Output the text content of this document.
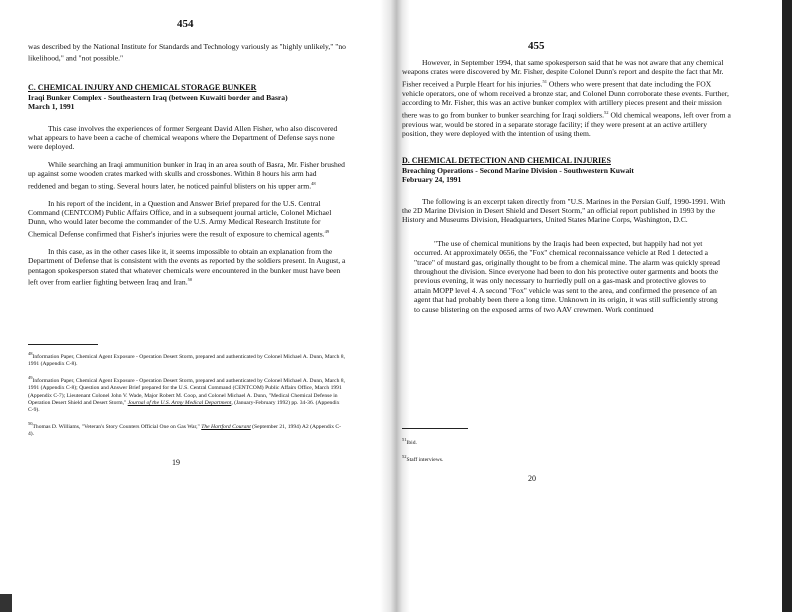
454

was described by the National Institute for Standards and Technology variously as "highly unlikely," "no likelihood," and "not possible."

C. CHEMICAL INJURY AND CHEMICAL STORAGE BUNKER

Iraqi Bunker Complex - Southeastern Iraq (between Kuwaiti border and Basra)

March 1, 1991

This case involves the experiences of former Sergeant David Allen Fisher, who also discovered what appears to have been a cache of chemical weapons where the Department of Defense says none were deployed.

While searching an Iraqi ammunition bunker in Iraq in an area south of Basra, Mr. Fisher brushed up against some wooden crates marked with skulls and crossbones. Within 8 hours his arm had reddened and began to sting. Several hours later, he noticed painful blisters on his upper arm.$^{48}$

In his report of the incident, in a Question and Answer Brief prepared for the U.S. Central Command (CENTCOM) Public Affairs Office, and in a subsequent journal article, Colonel Michael Dunn, who would later become the commander of the U.S. Army Medical Research Institute for Chemical Defense confirmed that Fisher's injuries were the result of exposure to chemical agents.$^{49}$

In this case, as in the other cases like it, it seems impossible to obtain an explanation from the Department of Defense that is consistent with the events as reported by the soldiers present. In August, a pentagon spokesperson stated that whatever chemicals were encountered in the bunker must have been left over from earlier fighting between Iraq and Iran.$^{50}$

$^{48}$Information Paper, Chemical Agent Exposure - Operation Desert Storm, prepared and authenticated by Colonel Michael A. Dunn, March 8, 1991 (Appendix C-8).

$^{49}$Information Paper, Chemical Agent Exposure - Operation Desert Storm, prepared and authenticated by Colonel Michael A. Dunn, March 8, 1991 (Appendix C-8); Question and Answer Brief prepared for the U.S. Central Command (CENTCOM) Public Affairs Office, March 1991 (Appendix C-7); Lieutenant Colonel John V. Wade, Major Robert M. Coop, and Colonel Michael A. Dunn, "Medical Chemical Defense in Operation Desert Shield and Desert Storm," Journal of the U.S. Army Medical Department, (January-February 1992) pp. 34-36. (Appendix C-9).

$^{50}$Thomas D. Williams, "Veteran's Story Counters Official One on Gas War," The Hartford Courant (September 21, 1994) A2 (Appendix C-4).

19
455

However, in September 1994, that same spokesperson said that he was not aware that any chemical weapons crates were discovered by Mr. Fisher, despite Colonel Dunn's report and despite the fact that Mr. Fisher received a Purple Heart for his injuries.$^{51}$ Others who were present that date including the FOX vehicle operators, one of whom received a bronze star, and Colonel Dunn corroborate these events. Further, according to Mr. Fisher, this was an active bunker complex with artillery pieces present and their mission there was to go from bunker to bunker searching for Iraqi soldiers.$^{52}$ Old chemical weapons, left over from a previous war, would be stored in a separate storage facility; if they were present at an active artillery position, they were deployed with the intention of using them.

D. CHEMICAL DETECTION AND CHEMICAL INJURIES

Breaching Operations - Second Marine Division - Southwestern Kuwait

February 24, 1991

The following is an excerpt taken directly from "U.S. Marines in the Persian Gulf, 1990-1991. With the 2D Marine Division in Desert Shield and Desert Storm," an official report published in 1993 by the History and Museums Division, Headquarters, United States Marine Corps, Washington, D.C.

"The use of chemical munitions by the Iraqis had been expected, but happily had not yet occurred. At approximately 0656, the "Fox" chemical reconnaissance vehicle at Red 1 detected a "trace" of mustard gas, originally thought to be from a chemical mine. The alarm was quickly spread throughout the division. Since everyone had been to don his protective outer garments and boots the previous evening, it was only necessary to hurriedly pull on a gas-mask and protective gloves to attain MOPP level 4. A second "Fox" vehicle was sent to the area, and confirmed the presence of an agent that had probably been there a long time. Unknown in its origin, it was still sufficiently strong to cause blistering on the exposed arms of two AAV crewmen. Work continued

$^{51}$Ibid.

$^{52}$Staff interviews.

20
